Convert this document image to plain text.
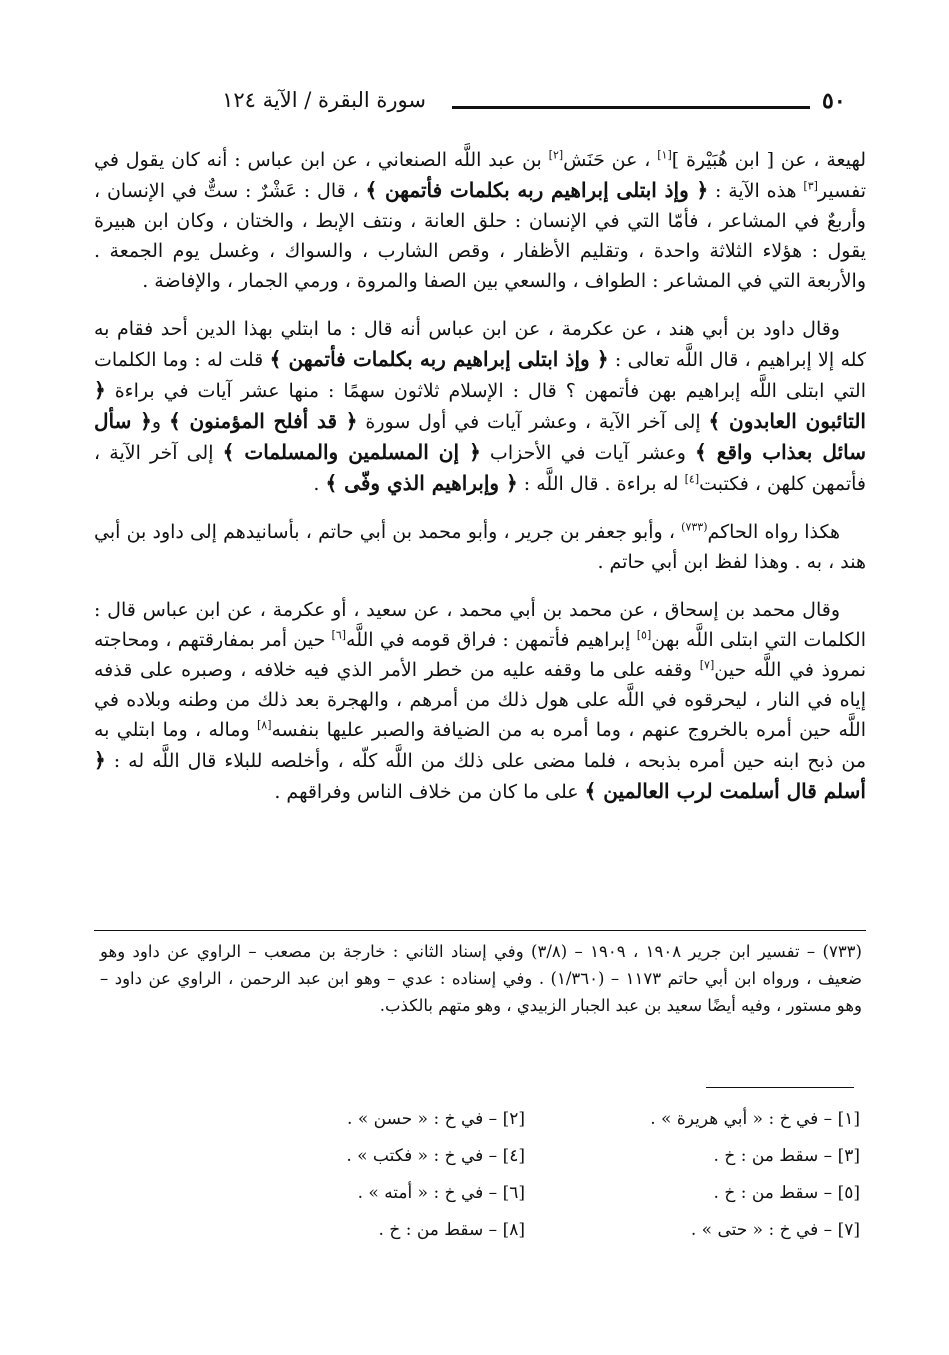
٥٠
سورة البقرة / الآية ١٢٤

لهيعة ، عن [ ابن هُبَيْرة ][١] ، عن حَنَش[٢] بن عبد اللَّه الصنعاني ، عن ابن عباس : أنه كان يقول في تفسير[٣] هذه الآية : ﴿ وإذ ابتلى إبراهيم ربه بكلمات فأتمهن ﴾ ، قال : عَشْرٌ : ستٌّ في الإنسان ، وأربعٌ في المشاعر ، فأمّا التي في الإنسان : حلق العانة ، ونتف الإبط ، والختان ، وكان ابن هبيرة يقول : هؤلاء الثلاثة واحدة ، وتقليم الأظفار ، وقص الشارب ، والسواك ، وغسل يوم الجمعة . والأربعة التي في المشاعر : الطواف ، والسعي بين الصفا والمروة ، ورمي الجمار ، والإفاضة .

وقال داود بن أبي هند ، عن عكرمة ، عن ابن عباس أنه قال : ما ابتلي بهذا الدين أحد فقام به كله إلا إبراهيم ، قال اللَّه تعالى : ﴿ وإذ ابتلى إبراهيم ربه بكلمات فأتمهن ﴾ قلت له : وما الكلمات التي ابتلى اللَّه إبراهيم بهن فأتمهن ؟ قال : الإسلام ثلاثون سهمًا : منها عشر آيات في براءة ﴿ التائبون العابدون ﴾ إلى آخر الآية ، وعشر آيات في أول سورة ﴿ قد أفلح المؤمنون ﴾ و﴿ سأل سائل بعذاب واقع ﴾ وعشر آيات في الأحزاب ﴿ إن المسلمين والمسلمات ﴾ إلى آخر الآية ، فأتمهن كلهن ، فكتبت[٤] له براءة . قال اللَّه : ﴿ وإبراهيم الذي وفّى ﴾ .

هكذا رواه الحاكم$^{(٧٣٣)}$ ، وأبو جعفر بن جرير ، وأبو محمد بن أبي حاتم ، بأسانيدهم إلى داود بن أبي هند ، به . وهذا لفظ ابن أبي حاتم .

وقال محمد بن إسحاق ، عن محمد بن أبي محمد ، عن سعيد ، أو عكرمة ، عن ابن عباس قال : الكلمات التي ابتلى اللَّه بهن[٥] إبراهيم فأتمهن : فراق قومه في اللَّه[٦] حين أمر بمفارقتهم ، ومحاجته نمروذ في اللَّه حين[٧] وقفه على ما وقفه عليه من خطر الأمر الذي فيه خلافه ، وصبره على قذفه إياه في النار ، ليحرقوه في اللَّه على هول ذلك من أمرهم ، والهجرة بعد ذلك من وطنه وبلاده في اللَّه حين أمره بالخروج عنهم ، وما أمره به من الضيافة والصبر عليها بنفسه[٨] وماله ، وما ابتلي به من ذبح ابنه حين أمره بذبحه ، فلما مضى على ذلك من اللَّه كلّه ، وأخلصه للبلاء قال اللَّه له : ﴿ أسلم قال أسلمت لرب العالمين ﴾ على ما كان من خلاف الناس وفراقهم .

(٧٣٣) – تفسير ابن جرير ١٩٠٨ ، ١٩٠٩ – (٣/٨) وفي إسناد الثاني : خارجة بن مصعب – الراوي عن داود وهو ضعيف ، ورواه ابن أبي حاتم ١١٧٣ – (١/٣٦٠) . وفي إسناده : عدي – وهو ابن عبد الرحمن ، الراوي عن داود – وهو مستور ، وفيه أيضًا سعيد بن عبد الجبار الزبيدي ، وهو متهم بالكذب.

[١] – في خ : « أبي هريرة » .
[٢] – في خ : « حسن » .
[٣] – سقط من : خ .
[٤] – في خ : « فكتب » .
[٥] – سقط من : خ .
[٦] – في خ : « أمته » .
[٧] – في خ : « حتى » .
[٨] – سقط من : خ .
